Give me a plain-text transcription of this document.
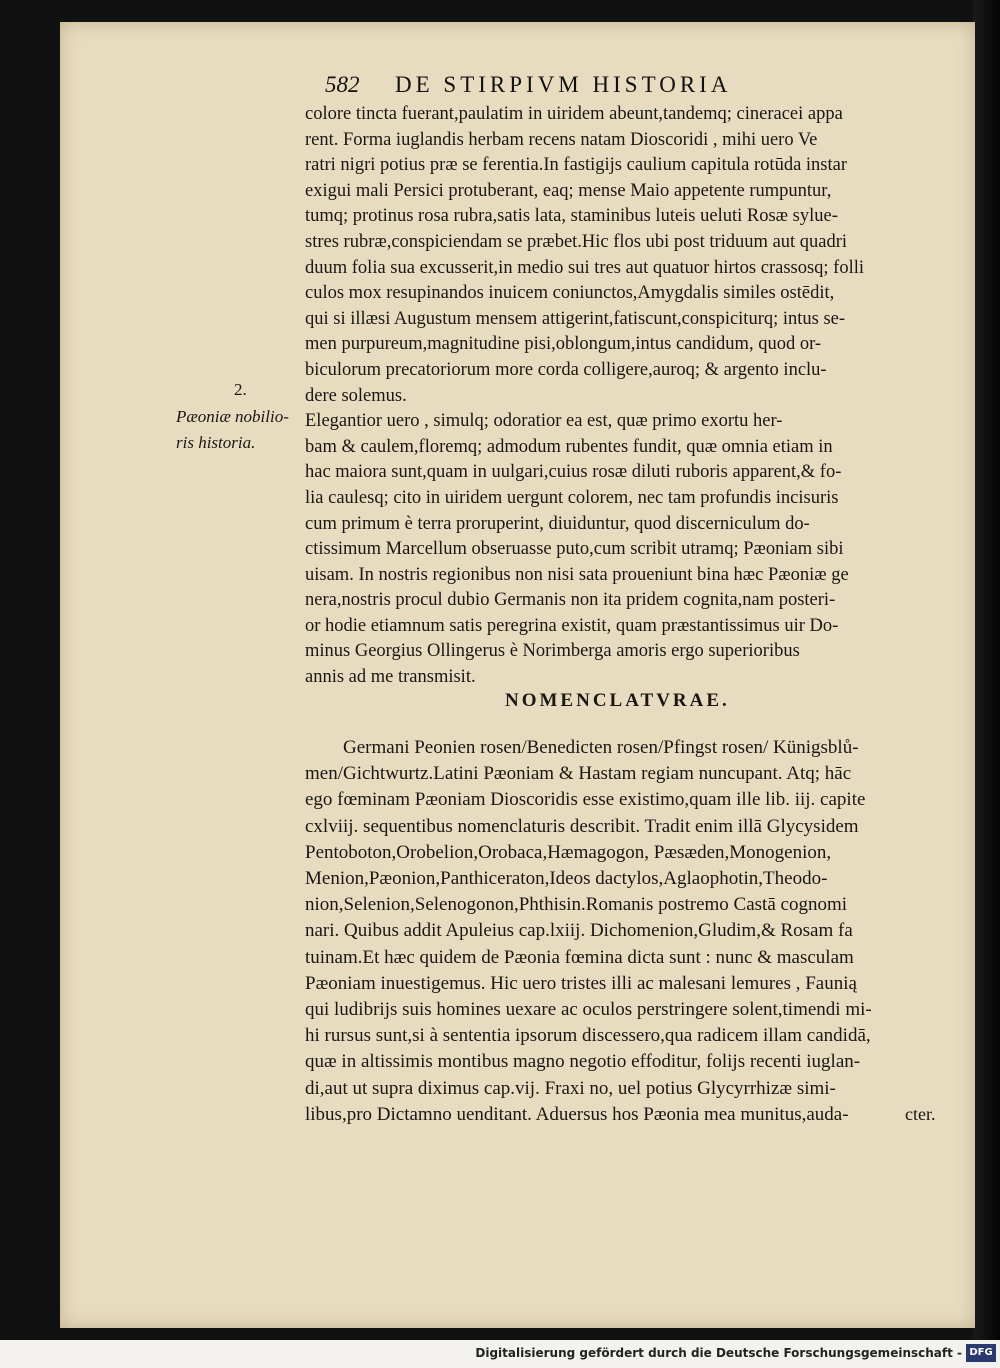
582 DE STIRPIVM HISTORIA
colore tincta fuerant,paulatim in uiridem abeunt,tandemq; cineracei appa
rent. Forma iuglandis herbam recens natam Dioscoridi , mihi uero Ve
ratri nigri potius præ se ferentia.In fastigijs caulium capitula rotūda instar
exigui mali Persici protuberant, eaq; mense Maio appetente rumpuntur,
tumq; protinus rosa rubra,satis lata, staminibus luteis ueluti Rosæ sylue-
stres rubræ,conspiciendam se præbet.Hic flos ubi post triduum aut quadri
duum folia sua excusserit,in medio sui tres aut quatuor hirtos crassosq; folli
culos mox resupinandos inuicem coniunctos,Amygdalis similes ostēdit,
qui si illæsi Augustum mensem attigerint,fatiscunt,conspiciturq; intus se-
men purpureum,magnitudine pisi,oblongum,intus candidum, quod or-
biculorum precatoriorum more corda colligere,auroq; & argento inclu-
dere solemus.
Elegantior uero , simulq; odoratior ea est, quæ primo exortu her-
bam & caulem,floremq; admodum rubentes fundit, quæ omnia etiam in
hac maiora sunt,quam in uulgari,cuius rosæ diluti ruboris apparent,& fo-
lia caulesq; cito in uiridem uergunt colorem, nec tam profundis incisuris
cum primum è terra proruperint, diuiduntur, quod discerniculum do-
ctissimum Marcellum obseruasse puto,cum scribit utramq; Pæoniam sibi
uisam. In nostris regionibus non nisi sata proueniunt bina hæc Pæoniæ ge
nera,nostris procul dubio Germanis non ita pridem cognita,nam posteri-
or hodie etiamnum satis peregrina existit, quam præstantissimus uir Do-
minus Georgius Ollingerus è Norimberga amoris ergo superioribus
annis ad me transmisit.
2.
Pæoniæ nobilio-
ris historia.
NOMENCLATVRAE.
Germani Peonien rosen/Benedicten rosen/Pfingst rosen/ Künigsblů-
men/Gichtwurtz.Latini Pæoniam & Hastam regiam nuncupant. Atq; hāc
ego fœminam Pæoniam Dioscoridis esse existimo,quam ille lib. iij. capite
cxlviij. sequentibus nomenclaturis describit. Tradit enim illā Glycysidem
Pentoboton,Orobelion,Orobaca,Hæmagogon, Pæsæden,Monogenion,
Menion,Pæonion,Panthiceraton,Ideos dactylos,Aglaophotin,Theodo-
nion,Selenion,Selenogonon,Phthisin.Romanis postremo Castā cognomi
nari. Quibus addit Apuleius cap.lxiij. Dichomenion,Gludim,& Rosam fa
tuinam.Et hæc quidem de Pæonia fœmina dicta sunt : nunc & masculam
Pæoniam inuestigemus. Hic uero tristes illi ac malesani lemures , Faunią
qui ludibrijs suis homines uexare ac oculos perstringere solent,timendi mi-
hi rursus sunt,si à sententia ipsorum discessero,qua radicem illam candidā,
quæ in altissimis montibus magno negotio effoditur, folijs recenti iuglan-
di,aut ut supra diximus cap.vij. Fraxi no, uel potius Glycyrrhizæ simi-
libus,pro Dictamno uenditant. Aduersus hos Pæonia mea munitus,auda-	cter.
Digitalisierung gefördert durch die Deutsche Forschungsgemeinschaft - DFG
